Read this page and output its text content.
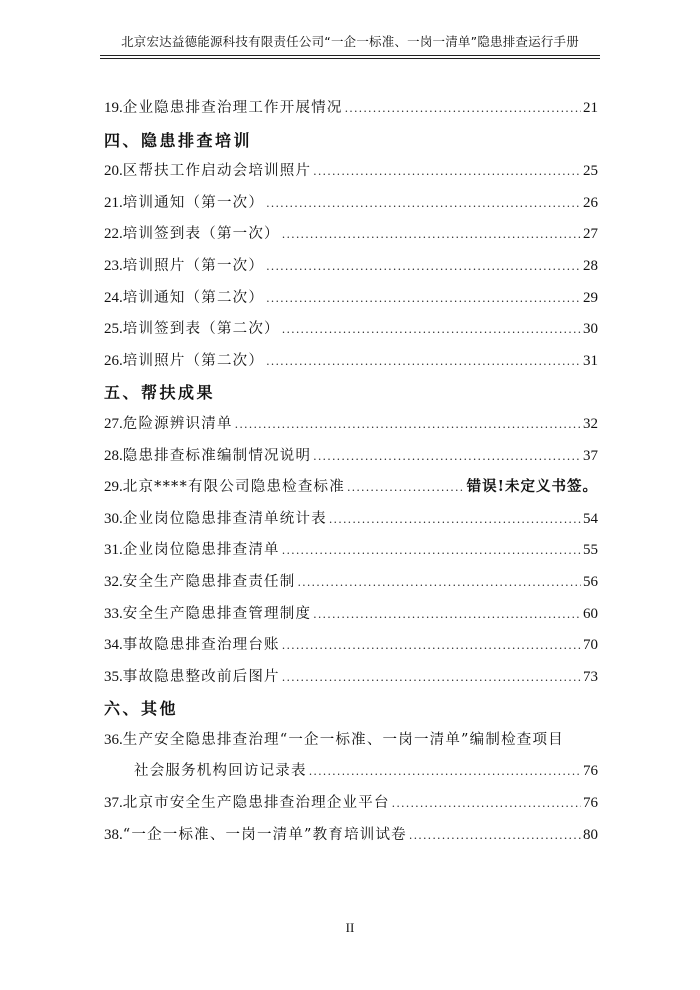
北京宏达益德能源科技有限责任公司“一企一标准、一岗一清单”隐患排查运行手册
19. 企业隐患排查治理工作开展情况 .....	21
四、隐患排查培训
20. 区帮扶工作启动会培训照片 .....	25
21. 培训通知（第一次） .....	26
22. 培训签到表（第一次） .....	27
23. 培训照片（第一次） .....	28
24. 培训通知（第二次） .....	29
25. 培训签到表（第二次） .....	30
26. 培训照片（第二次） .....	31
五、帮扶成果
27. 危险源辨识清单 .....	32
28. 隐患排查标准编制情况说明 .....	37
29. 北京****有限公司隐患检查标准 .....	错误!未定义书签。
30. 企业岗位隐患排查清单统计表 .....	54
31. 企业岗位隐患排查清单 .....	55
32. 安全生产隐患排查责任制 .....	56
33. 安全生产隐患排查管理制度 .....	60
34. 事故隐患排查治理台账 .....	70
35. 事故隐患整改前后图片 .....	73
六、其他
36. 生产安全隐患排查治理“一企一标准、一岗一清单”编制检查项目
社会服务机构回访记录表 .....	76
37. 北京市安全生产隐患排查治理企业平台 .....	76
38. “一企一标准、一岗一清单”教育培训试卷 .....	80
II
